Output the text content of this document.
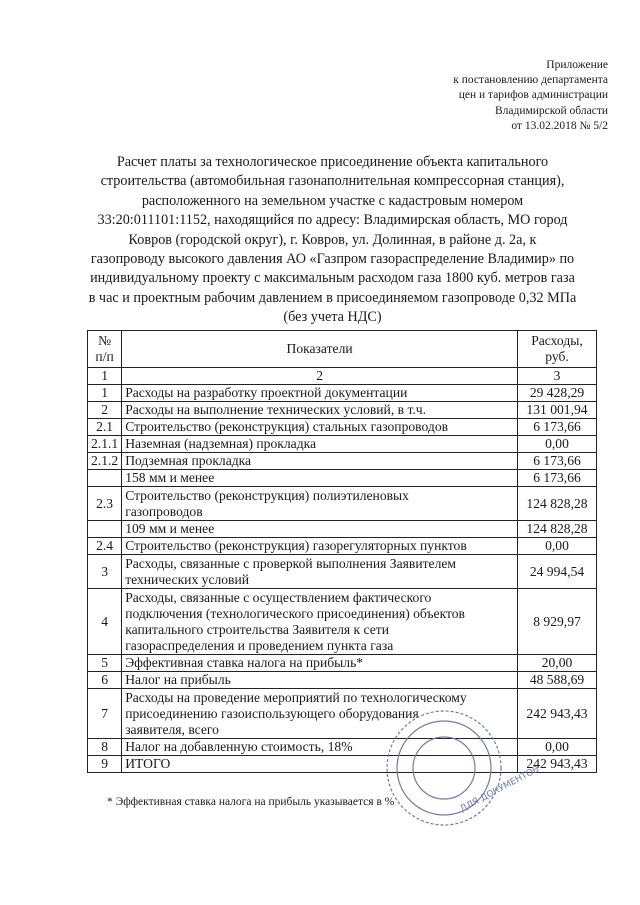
Приложение
к постановлению департамента
цен и тарифов администрации
Владимирской области
от 13.02.2018 № 5/2
Расчет платы за технологическое присоединение объекта капитального
строительства (автомобильная газонаполнительная компрессорная станция),
расположенного на земельном участке с кадастровым номером
33:20:011101:1152, находящийся по адресу: Владимирская область, МО город
Ковров (городской округ), г. Ковров, ул. Долинная, в районе д. 2а, к
газопроводу высокого давления АО «Газпром газораспределение Владимир» по
индивидуальному проекту с максимальным расходом газа 1800 куб. метров газа
в час и проектным рабочим давлением в присоединяемом газопроводе 0,32 МПа
(без учета НДС)
№
п/п	Показатели	Расходы,
руб.
1	2	3
1	Расходы на разработку проектной документации	29 428,29
2	Расходы на выполнение технических условий, в т.ч.	131 001,94
2.1	Строительство (реконструкция) стальных газопроводов	6 173,66
2.1.1	Наземная (надземная) прокладка	0,00
2.1.2	Подземная прокладка	6 173,66
	158 мм и менее	6 173,66
2.3	Строительство (реконструкция) полиэтиленовых
газопроводов	124 828,28
	109 мм и менее	124 828,28
2.4	Строительство (реконструкция) газорегуляторных пунктов	0,00
3	Расходы, связанные с проверкой выполнения Заявителем
технических условий	24 994,54
4	Расходы, связанные с осуществлением фактического
подключения (технологического присоединения) объектов
капитального строительства Заявителя к сети
газораспределения и проведением пункта газа	8 929,97
5	Эффективная ставка налога на прибыль*	20,00
6	Налог на прибыль	48 588,69
7	Расходы на проведение мероприятий по технологическому
присоединению газоиспользующего оборудования
заявителя, всего	242 943,43
8	Налог на добавленную стоимость, 18%	0,00
9	ИТОГО	242 943,43
* Эффективная ставка налога на прибыль указывается в %	ДЛЯ ДОКУМЕНТОВ
